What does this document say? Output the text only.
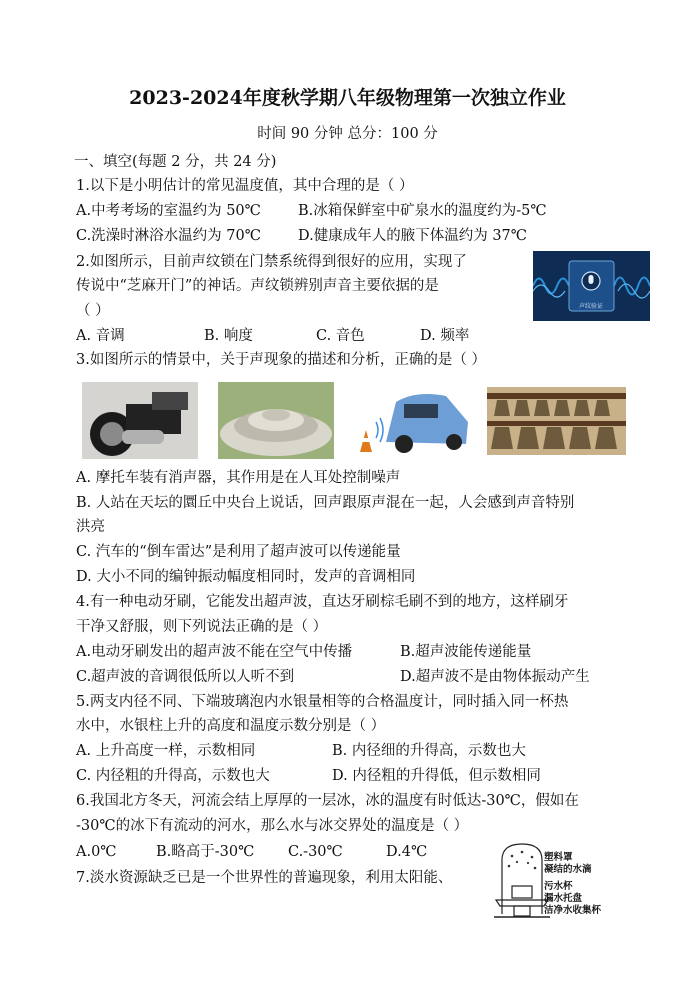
2023-2024年度秋学期八年级物理第一次独立作业
时间 90 分钟 总分：100 分
一、填空(每题 2 分，共 24 分)
1.以下是小明估计的常见温度值，其中合理的是（ ）
A.中考考场的室温约为 50℃	B.冰箱保鲜室中矿泉水的温度约为-5℃
C.洗澡时淋浴水温约为 70℃	D.健康成年人的腋下体温约为 37℃
2.如图所示，目前声纹锁在门禁系统得到很好的应用，实现了
传说中“芝麻开门”的神话。声纹锁辨别声音主要依据的是
（ ）
A. 音调	B. 响度	C. 音色	D. 频率
声纹验证
3.如图所示的情景中，关于声现象的描述和分析，正确的是（ ）
A. 摩托车装有消声器，其作用是在人耳处控制噪声
B. 人站在天坛的圜丘中央台上说话，回声跟原声混在一起，人会感到声音特别
洪亮
C. 汽车的“倒车雷达”是利用了超声波可以传递能量
D. 大小不同的编钟振动幅度相同时，发声的音调相同
4.有一种电动牙刷，它能发出超声波，直达牙刷棕毛刷不到的地方，这样刷牙
干净又舒服，则下列说法正确的是（ ）
A.电动牙刷发出的超声波不能在空气中传播	B.超声波能传递能量
C.超声波的音调很低所以人听不到	D.超声波不是由物体振动产生
5.两支内径不同、下端玻璃泡内水银量相等的合格温度计，同时插入同一杯热
水中，水银柱上升的高度和温度示数分别是（ ）
A. 上升高度一样，示数相同	B. 内径细的升得高，示数也大
C. 内径粗的升得高，示数也大	D. 内径粗的升得低，但示数相同
6.我国北方冬天，河流会结上厚厚的一层冰，冰的温度有时低达-30℃，假如在
-30℃的冰下有流动的河水，那么水与冰交界处的温度是（ ）
A.0℃	B.略高于-30℃ C.-30℃	D.4℃
7.淡水资源缺乏已是一个世界性的普遍现象，利用太阳能、
塑料罩
凝结的水滴
污水杯
漏水托盘
洁净水收集杯
